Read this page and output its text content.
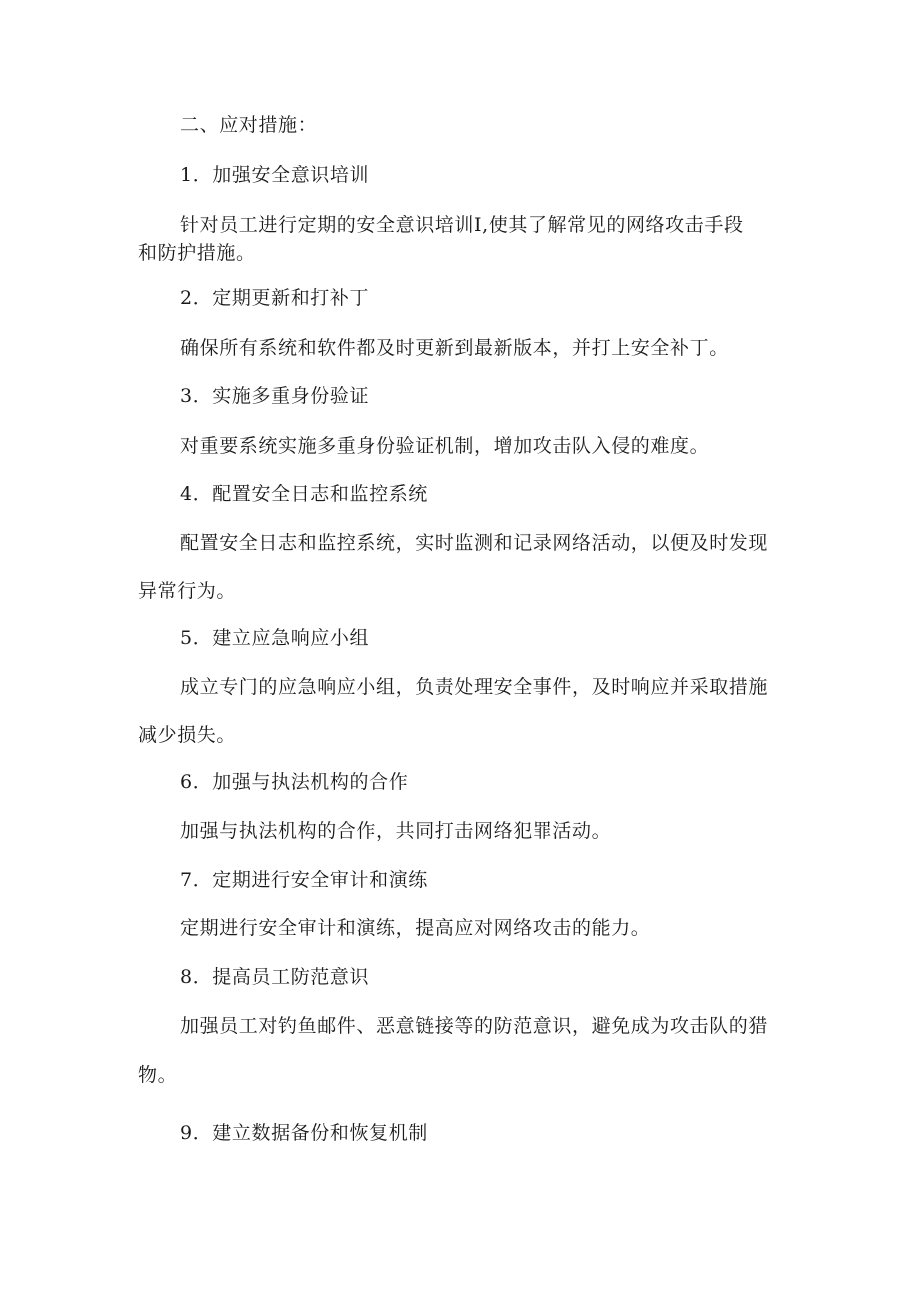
二、应对措施：
1．加强安全意识培训
针对员工进行定期的安全意识培训I,使其了解常见的网络攻击手段
和防护措施。
2．定期更新和打补丁
确保所有系统和软件都及时更新到最新版本，并打上安全补丁。
3．实施多重身份验证
对重要系统实施多重身份验证机制，增加攻击队入侵的难度。
4．配置安全日志和监控系统
配置安全日志和监控系统，实时监测和记录网络活动，以便及时发现
异常行为。
5．建立应急响应小组
成立专门的应急响应小组，负责处理安全事件，及时响应并采取措施
减少损失。
6．加强与执法机构的合作
加强与执法机构的合作，共同打击网络犯罪活动。
7．定期进行安全审计和演练
定期进行安全审计和演练，提高应对网络攻击的能力。
8．提高员工防范意识
加强员工对钓鱼邮件、恶意链接等的防范意识，避免成为攻击队的猎
物。
9．建立数据备份和恢复机制
